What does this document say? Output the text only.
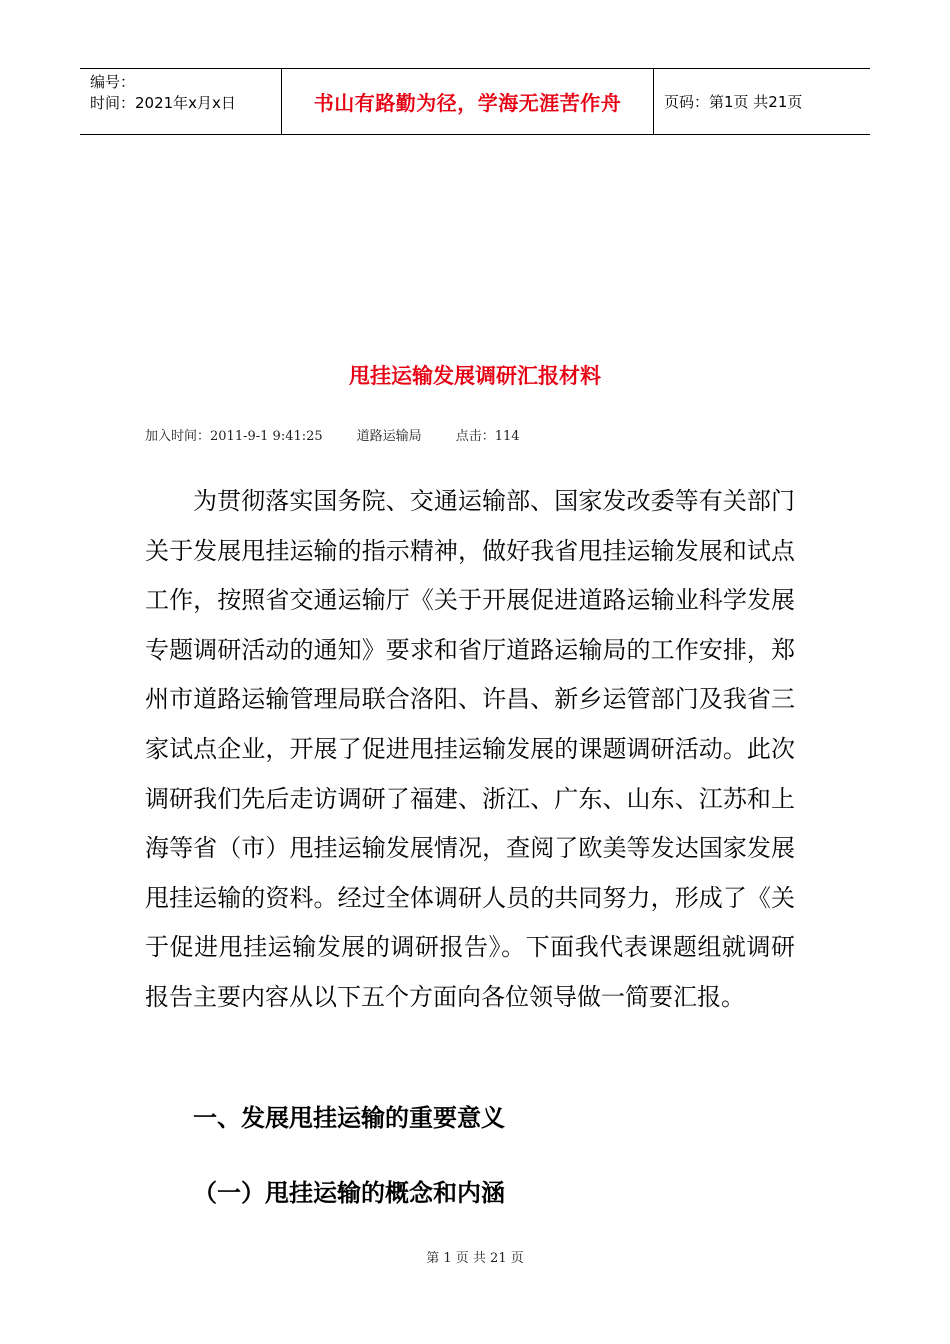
编号：
时间：2021年x月x日	书山有路勤为径，学海无涯苦作舟	页码：第1页 共21页
甩挂运输发展调研汇报材料
加入时间：2011-9-1 9:41:25	道路运输局	点击：114
为贯彻落实国务院、交通运输部、国家发改委等有关部门关于发展甩挂运输的指示精神，做好我省甩挂运输发展和试点工作，按照省交通运输厅《关于开展促进道路运输业科学发展专题调研活动的通知》要求和省厅道路运输局的工作安排，郑州市道路运输管理局联合洛阳、许昌、新乡运管部门及我省三家试点企业，开展了促进甩挂运输发展的课题调研活动。此次调研我们先后走访调研了福建、浙江、广东、山东、江苏和上海等省（市）甩挂运输发展情况，查阅了欧美等发达国家发展甩挂运输的资料。经过全体调研人员的共同努力，形成了《关于促进甩挂运输发展的调研报告》。下面我代表课题组就调研报告主要内容从以下五个方面向各位领导做一简要汇报。
一、发展甩挂运输的重要意义
（一）甩挂运输的概念和内涵
第 1 页 共 21 页
